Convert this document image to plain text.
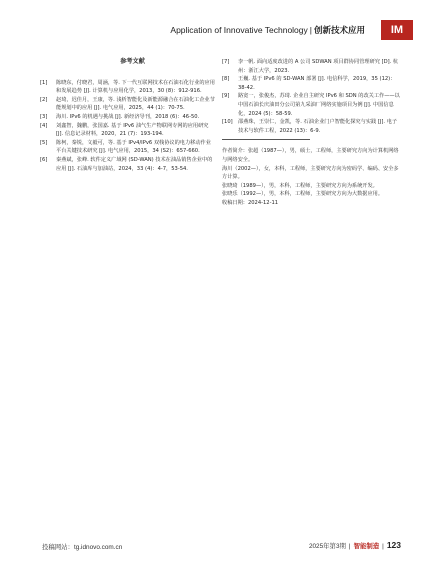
Application of Innovative Technology | 创新技术应用	IM
参考文献
[1]	陈晓东，付晓君，周涵，等. 下一代互联网技术在石油石化行业的应用和发展趋势 [J]. 计算机与应用化学，2013，30 (8)：912-916.
[2]	赵琦，迟佳月，王康，等. 浅析智能化及新能源融合在石油化工企业节能规划中的应用 [J]. 电气应用，2025，44 (1)：70-75.
[3]	海川. IPv6 的机遇与挑战 [J]. 新经济导刊，2018 (6)：46-50.
[4]	刘鑫智，魏鹏，张国嘉. 基于 IPv6 油气生产物联网专网的应用研究 [J]. 信息记录材料，2020，21 (7)：193-194.
[5]	陈柯，秦锐，文毅可，等. 基于 IPv4/IPv6 双栈协议的电力移动作业平台关键技术研究 [J]. 电气应用，2015，34 (S2)：657-660.
[6]	秦燕斌，张峰. 软件定义广域网 (SD-WAN) 技术在油品销售企业中的应用 [J]. 石油库与加油站，2024，33 (4)：4-7，53-54.
[7]	李一帆. 面向适度改进的 A 公司 SDWAN 项目群协同管理研究 [D]. 杭州：浙江大学，2023.
[8]	王巍. 基于 IPv6 的 SD-WAN 部署 [J]. 电信科学，2019，35 (12)：38-42.
[9]	路宽一，张俊杰，苏琦. 企业自主研究 IPv6 和 SDN 的改关工作——以中国石油长庆油田分公司第九采油厂网络实施项目为例 [J]. 中国信息化，2024 (5)：58-59.
[10]	邵燕珠，王崇仁，金凯，等. 石油企业门户智能化探究与实践 [J]. 电子技术与软件工程，2022 (13)：6-9.

作者简介：张超（1987—），男，硕士，工程师，主要研究方向为计算机网络与网络安全。

海川（2002—），女，本科，工程师，主要研究方向为密码学、编码、安全多方计算。

张晓琦（1989—），男，本科，工程师，主要研究方向为系统开发。

张晓乐（1992—），男，本科，工程师，主要研究方向为大数据应用。

收稿日期：2024-12-11

投稿网站：tg.idnovo.com.cn	2025年第3期 | 智能制造 | 123
